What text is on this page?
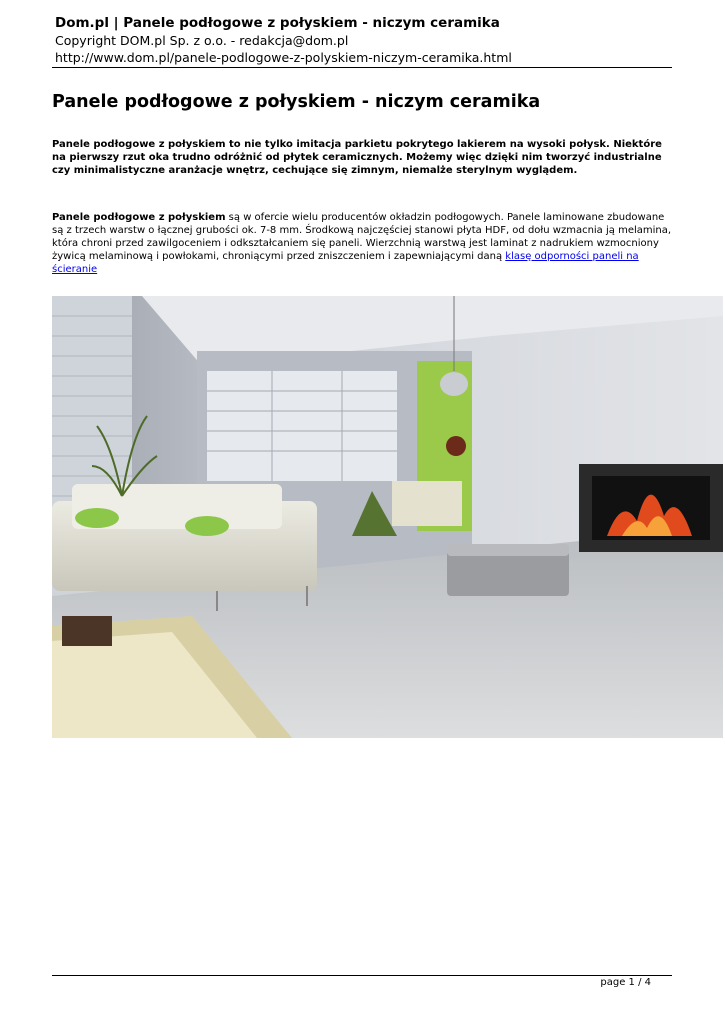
Dom.pl | Panele podłogowe z połyskiem - niczym ceramika

Copyright DOM.pl Sp. z o.o. - redakcja@dom.pl

http://www.dom.pl/panele-podlogowe-z-polyskiem-niczym-ceramika.html

Panele podłogowe z połyskiem - niczym ceramika

Panele podłogowe z połyskiem to nie tylko imitacja parkietu pokrytego lakierem na wysoki połysk. Niektóre na pierwszy rzut oka trudno odróżnić od płytek ceramicznych. Możemy więc dzięki nim tworzyć industrialne czy minimalistyczne aranżacje wnętrz, cechujące się zimnym, niemalże sterylnym wyglądem.

Panele podłogowe z połyskiem są w ofercie wielu producentów okładzin podłogowych. Panele laminowane zbudowane są z trzech warstw o łącznej grubości ok. 7-8 mm. Środkową najczęściej stanowi płyta HDF, od dołu wzmacnia ją melamina, która chroni przed zawilgoceniem i odkształcaniem się paneli. Wierzchnią warstwą jest laminat z nadrukiem wzmocniony żywicą melaminową i powłokami, chroniącymi przed zniszczeniem i zapewniającymi daną klasę odporności paneli na ścieranie

page 1 / 4
